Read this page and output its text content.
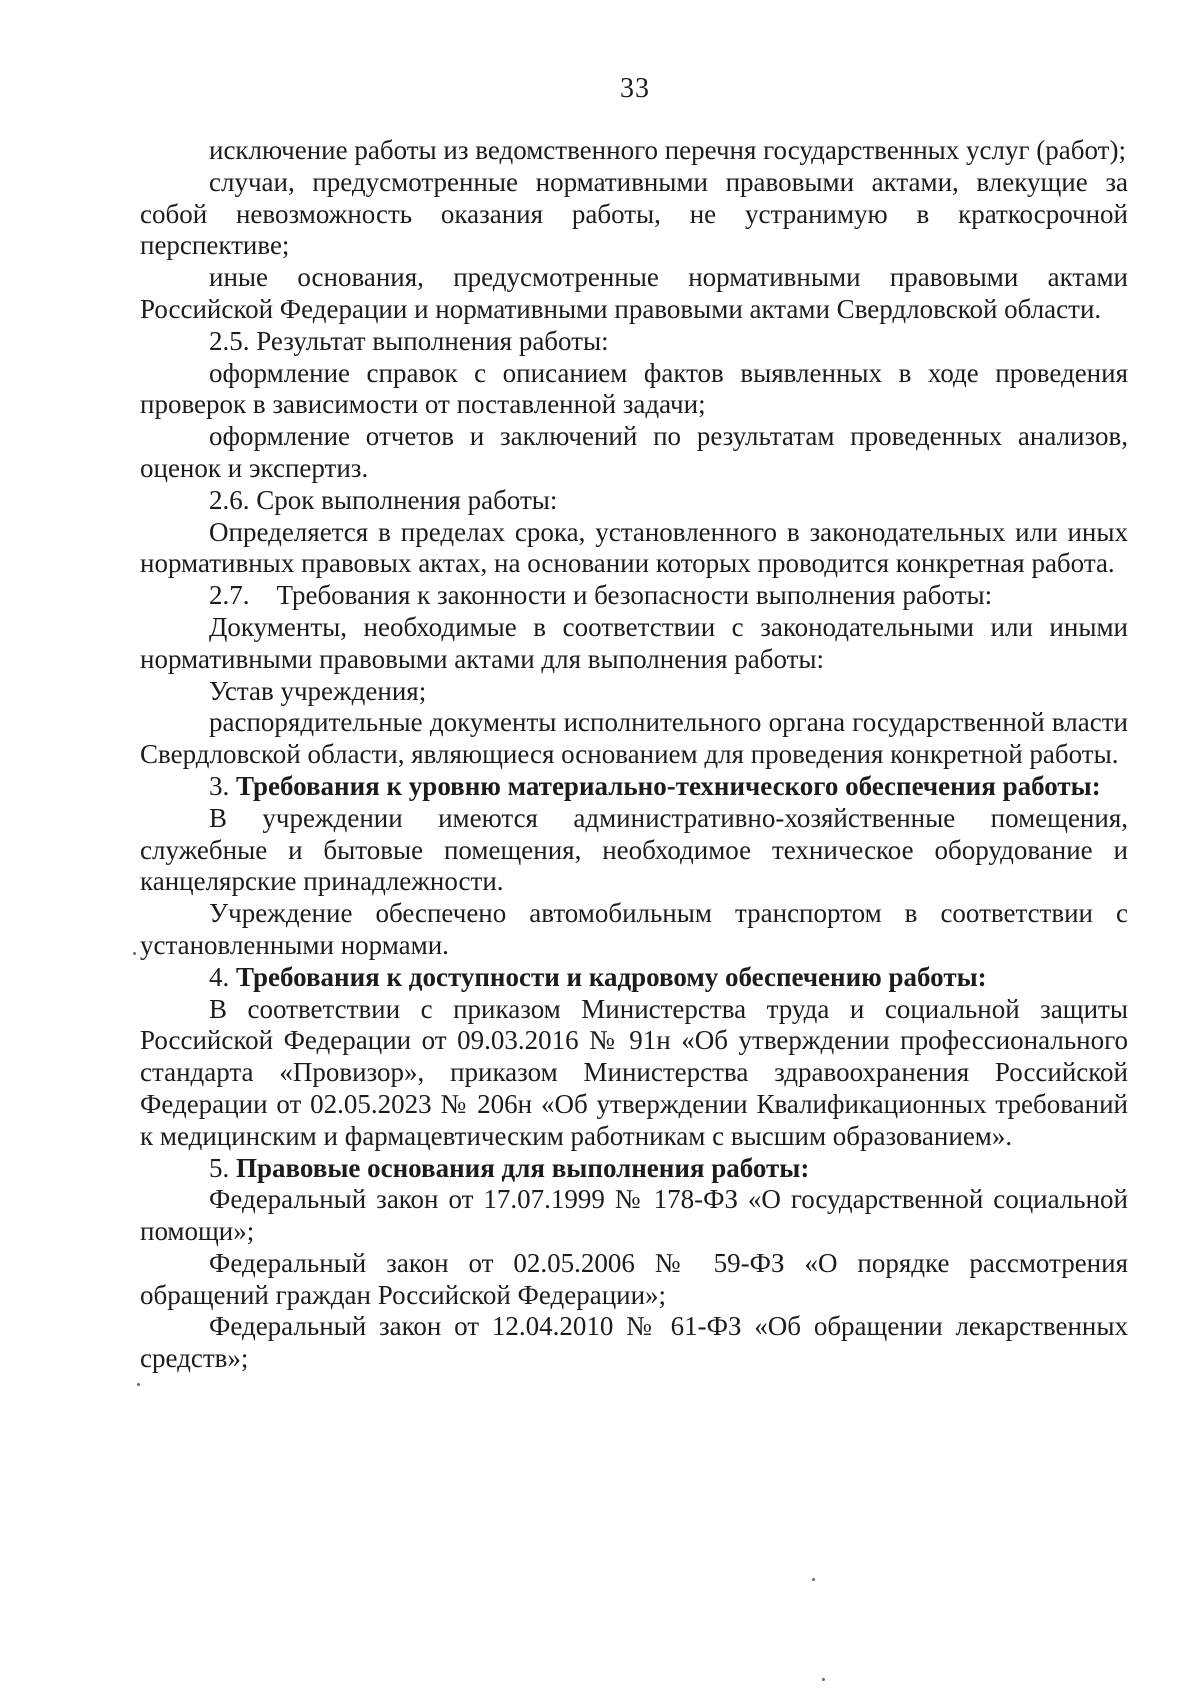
33

исключение работы из ведомственного перечня государственных услуг (работ);

случаи, предусмотренные нормативными правовыми актами, влекущие за собой невозможность оказания работы, не устранимую в краткосрочной перспективе;

иные основания, предусмотренные нормативными правовыми актами Российской Федерации и нормативными правовыми актами Свердловской области.

2.5. Результат выполнения работы:

оформление справок с описанием фактов выявленных в ходе проведения проверок в зависимости от поставленной задачи;

оформление отчетов и заключений по результатам проведенных анализов, оценок и экспертиз.

2.6. Срок выполнения работы:

Определяется в пределах срока, установленного в законодательных или иных нормативных правовых актах, на основании которых проводится конкретная работа.

2.7.    Требования к законности и безопасности выполнения работы:

Документы, необходимые в соответствии с законодательными или иными нормативными правовыми актами для выполнения работы:

Устав учреждения;

распорядительные документы исполнительного органа государственной власти Свердловской области, являющиеся основанием для проведения конкретной работы.

3. Требования к уровню материально-технического обеспечения работы:

В учреждении имеются административно-хозяйственные помещения, служебные и бытовые помещения, необходимое техническое оборудование и канцелярские принадлежности.

Учреждение обеспечено автомобильным транспортом в соответствии с установленными нормами.

4. Требования к доступности и кадровому обеспечению работы:

В соответствии с приказом Министерства труда и социальной защиты Российской Федерации от 09.03.2016 № 91н «Об утверждении профессионального стандарта «Провизор», приказом Министерства здравоохранения Российской Федерации от 02.05.2023 № 206н «Об утверждении Квалификационных требований к медицинским и фармацевтическим работникам с высшим образованием».

5. Правовые основания для выполнения работы:

Федеральный закон от 17.07.1999 № 178-ФЗ «О государственной социальной помощи»;

Федеральный закон от 02.05.2006 № 59-ФЗ «О порядке рассмотрения обращений граждан Российской Федерации»;

Федеральный закон от 12.04.2010 № 61-ФЗ «Об обращении лекарственных средств»;
